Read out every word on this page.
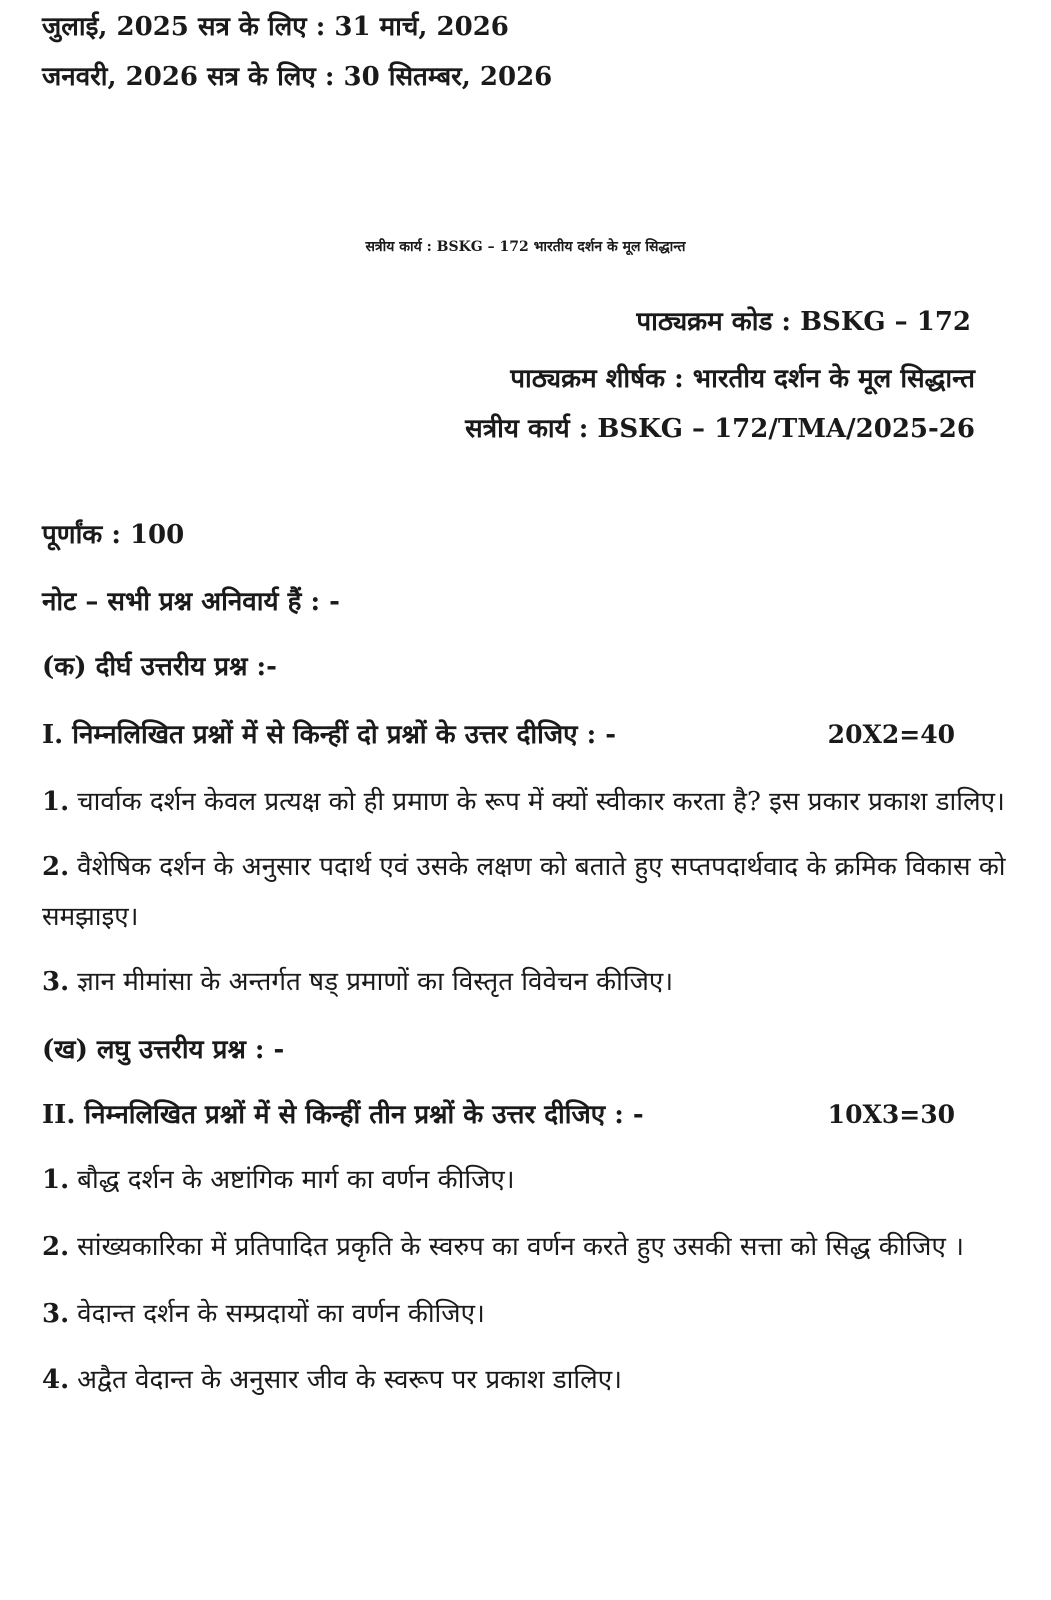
जुलाई, 2025 सत्र के लिए : 31 मार्च, 2026
जनवरी, 2026 सत्र के लिए : 30 सितम्बर, 2026
सत्रीय कार्य : BSKG – 172 भारतीय दर्शन के मूल सिद्धान्त
पाठ्यक्रम कोड : BSKG – 172
पाठ्यक्रम शीर्षक : भारतीय दर्शन के मूल सिद्धान्त
सत्रीय कार्य : BSKG – 172/TMA/2025-26
पूर्णांक : 100
नोट – सभी प्रश्न अनिवार्य हैं : -
(क) दीर्घ उत्तरीय प्रश्न :-
I. निम्नलिखित प्रश्नों में से किन्हीं दो प्रश्नों के उत्तर दीजिए : -	20X2=40
1. चार्वाक दर्शन केवल प्रत्यक्ष को ही प्रमाण के रूप में क्यों स्वीकार करता है? इस प्रकार प्रकाश डालिए।
2. वैशेषिक दर्शन के अनुसार पदार्थ एवं उसके लक्षण को बताते हुए सप्तपदार्थवाद के क्रमिक विकास को
समझाइए।
3. ज्ञान मीमांसा के अन्तर्गत षड् प्रमाणों का विस्तृत विवेचन कीजिए।
(ख) लघु उत्तरीय प्रश्न : -
II. निम्नलिखित प्रश्नों में से किन्हीं तीन प्रश्नों के उत्तर दीजिए : -	10X3=30
1. बौद्ध दर्शन के अष्टांगिक मार्ग का वर्णन कीजिए।
2. सांख्यकारिका में प्रतिपादित प्रकृति के स्वरुप का वर्णन करते हुए उसकी सत्ता को सिद्ध कीजिए ।
3. वेदान्त दर्शन के सम्प्रदायों का वर्णन कीजिए।
4. अद्वैत वेदान्त के अनुसार जीव के स्वरूप पर प्रकाश डालिए।
